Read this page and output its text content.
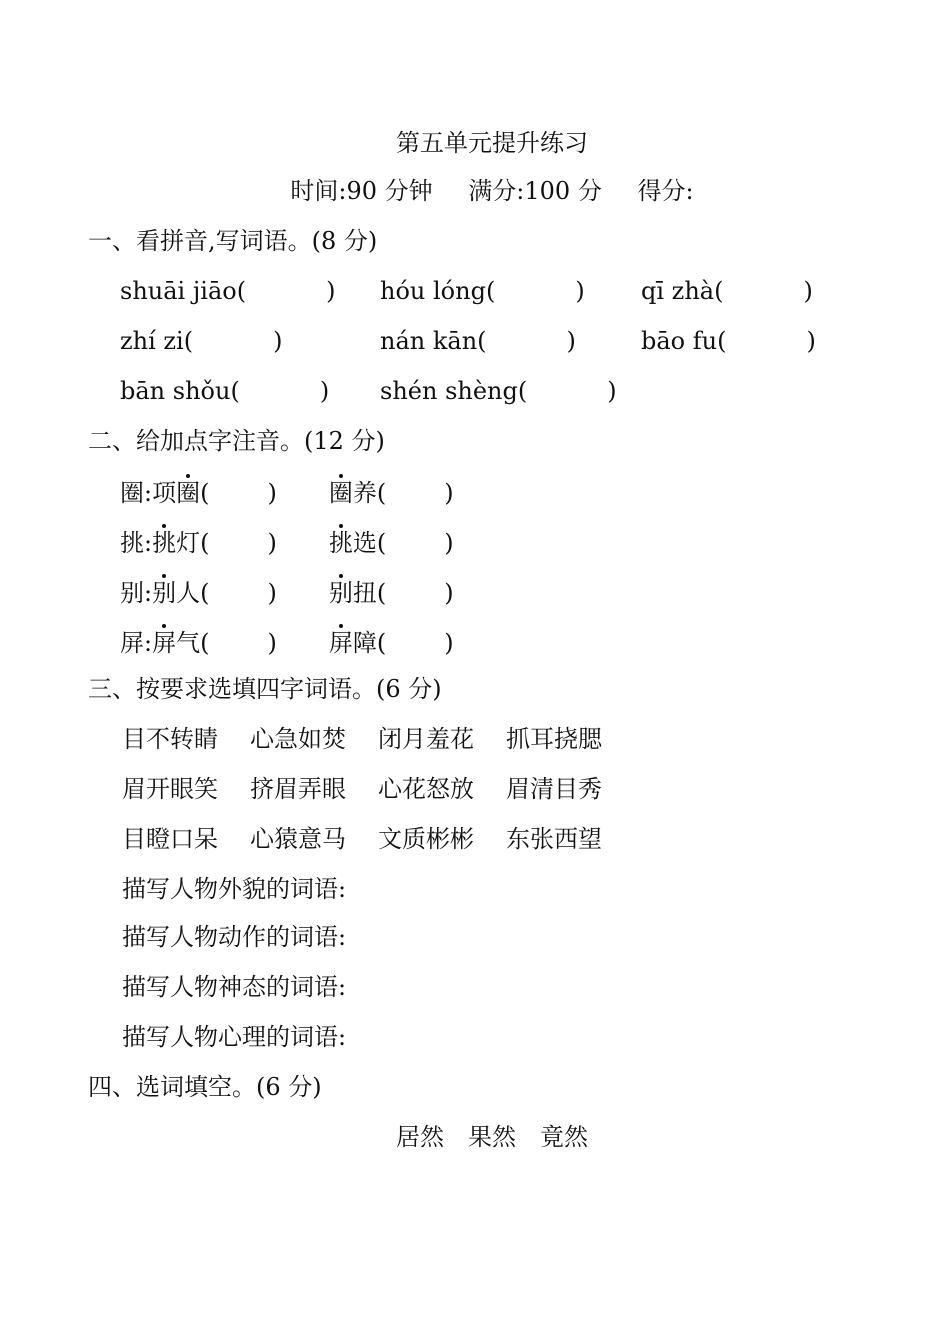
第五单元提升练习
时间:90 分钟 满分:100 分 得分:
一、看拼音,写词语。(8 分)
shuāi jiāo(	) hóu lóng(	) qī zhà(	)
zhí zi(	)	nán kān(	)	bāo fu(	)
bān shǒu(	) shén shèng(	)
二、给加点字注音。(12 分)
圈:项圈( ) 圈养( )
挑:挑灯( ) 挑选( )
别:别人( ) 别扭( )
屏:屏气( ) 屏障( )
三、按要求选填四字词语。(6 分)
目不转睛 心急如焚 闭月羞花 抓耳挠腮
眉开眼笑 挤眉弄眼 心花怒放 眉清目秀
目瞪口呆 心猿意马 文质彬彬 东张西望
描写人物外貌的词语:
描写人物动作的词语:
描写人物神态的词语:
描写人物心理的词语:
四、选词填空。(6 分)
居然 果然 竟然
